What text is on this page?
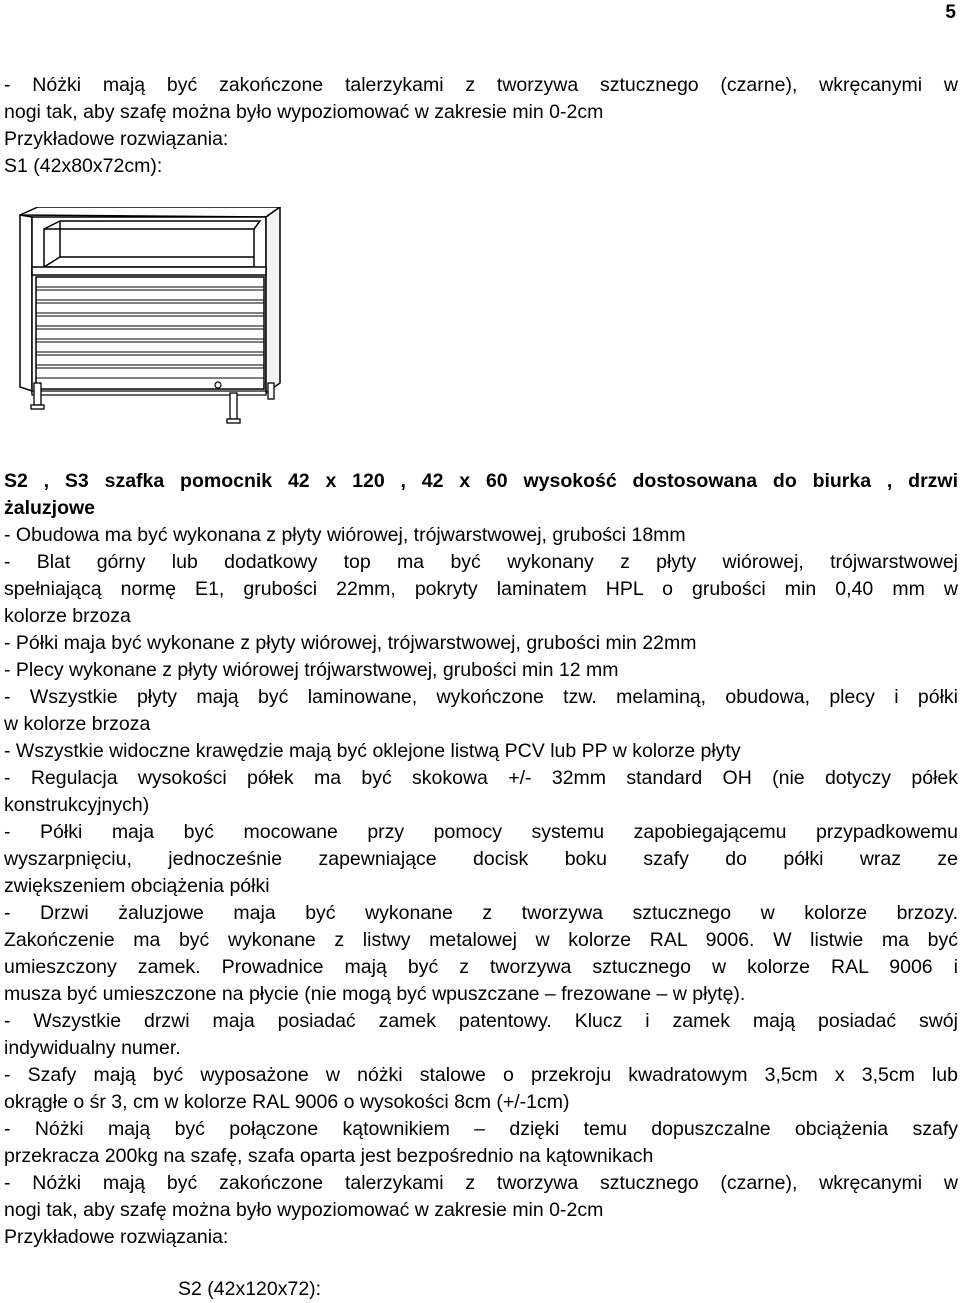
5
- Nóżki mają być zakończone talerzykami z tworzywa sztucznego (czarne), wkręcanymi w
nogi tak, aby szafę można było wypoziomować w zakresie min 0-2cm
Przykładowe rozwiązania:
S1 (42x80x72cm):
S2 , S3 szafka pomocnik 42 x 120 , 42 x 60 wysokość dostosowana do biurka , drzwi
żaluzjowe
- Obudowa ma być wykonana z płyty wiórowej, trójwarstwowej, grubości 18mm
- Blat górny lub dodatkowy top ma być wykonany z płyty wiórowej, trójwarstwowej
spełniającą normę E1, grubości 22mm, pokryty laminatem HPL o grubości min 0,40 mm w
kolorze brzoza
- Półki maja być wykonane z płyty wiórowej, trójwarstwowej, grubości min 22mm
- Plecy wykonane z płyty wiórowej trójwarstwowej, grubości min 12 mm
- Wszystkie płyty mają być laminowane, wykończone tzw. melaminą, obudowa, plecy i półki
w kolorze brzoza
- Wszystkie widoczne krawędzie mają być oklejone listwą PCV lub PP w kolorze płyty
- Regulacja wysokości półek ma być skokowa +/- 32mm standard OH (nie dotyczy półek
konstrukcyjnych)
- Półki maja być mocowane przy pomocy systemu zapobiegającemu przypadkowemu
wyszarpnięciu, jednocześnie zapewniające docisk boku szafy do półki wraz ze
zwiększeniem obciążenia półki
- Drzwi żaluzjowe maja być wykonane z tworzywa sztucznego w kolorze brzozy.
Zakończenie ma być wykonane z listwy metalowej w kolorze RAL 9006. W listwie ma być
umieszczony zamek. Prowadnice mają być z tworzywa sztucznego w kolorze RAL 9006 i
musza być umieszczone na płycie (nie mogą być wpuszczane – frezowane – w płytę).
- Wszystkie drzwi maja posiadać zamek patentowy. Klucz i zamek mają posiadać swój
indywidualny numer.
- Szafy mają być wyposażone w nóżki stalowe o przekroju kwadratowym 3,5cm x 3,5cm lub
okrągłe o śr 3, cm w kolorze RAL 9006 o wysokości 8cm (+/-1cm)
- Nóżki mają być połączone kątownikiem – dzięki temu dopuszczalne obciążenia szafy
przekracza 200kg na szafę, szafa oparta jest bezpośrednio na kątownikach
- Nóżki mają być zakończone talerzykami z tworzywa sztucznego (czarne), wkręcanymi w
nogi tak, aby szafę można było wypoziomować w zakresie min 0-2cm
Przykładowe rozwiązania:
S2 (42x120x72):
